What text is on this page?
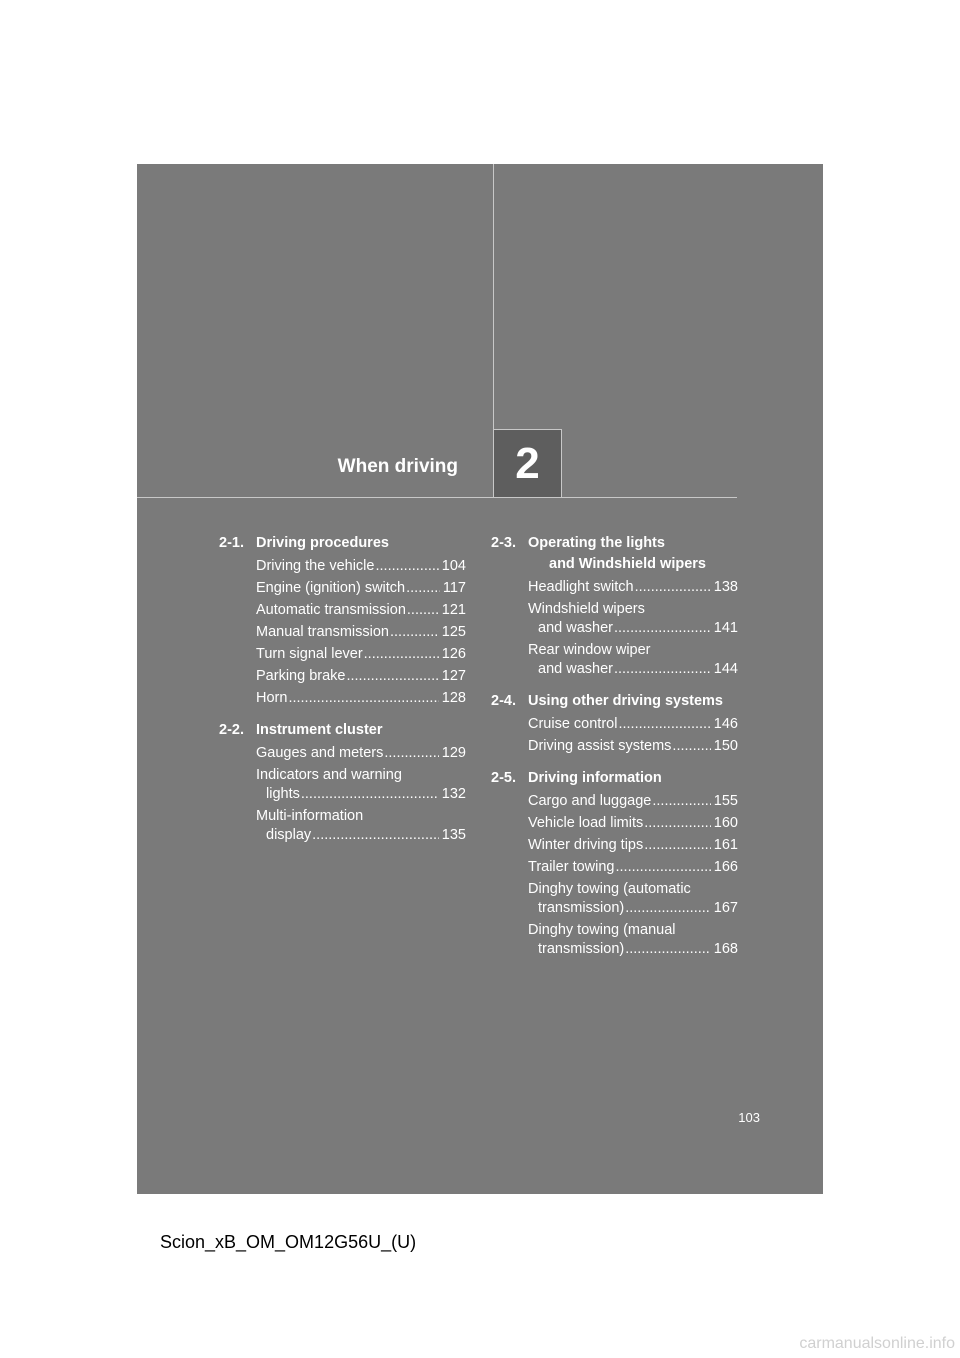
When driving	2
2-1. Driving procedures
Driving the vehicle .....	104
Engine (ignition) switch .....	117
Automatic transmission ..... 121
Manual transmission .....	125
Turn signal lever .....	126
Parking brake .....	127
Horn .....	128
2-2. Instrument cluster
Gauges and meters .....	129
Indicators and warning
lights .....	132
Multi-information
display .....	135
2-3. Operating the lights
and Windshield wipers
Headlight switch .....	138
Windshield wipers
and washer .....	141
Rear window wiper
and washer .....	144
2-4. Using other driving systems
Cruise control .....	146
Driving assist systems .....	150
2-5. Driving information
Cargo and luggage .....	155
Vehicle load limits .....	160
Winter driving tips .....	161
Trailer towing .....	166
Dinghy towing (automatic
transmission) .....	167
Dinghy towing (manual
transmission) .....	168
103
Scion_xB_OM_OM12G56U_(U)
carmanualsonline.info
